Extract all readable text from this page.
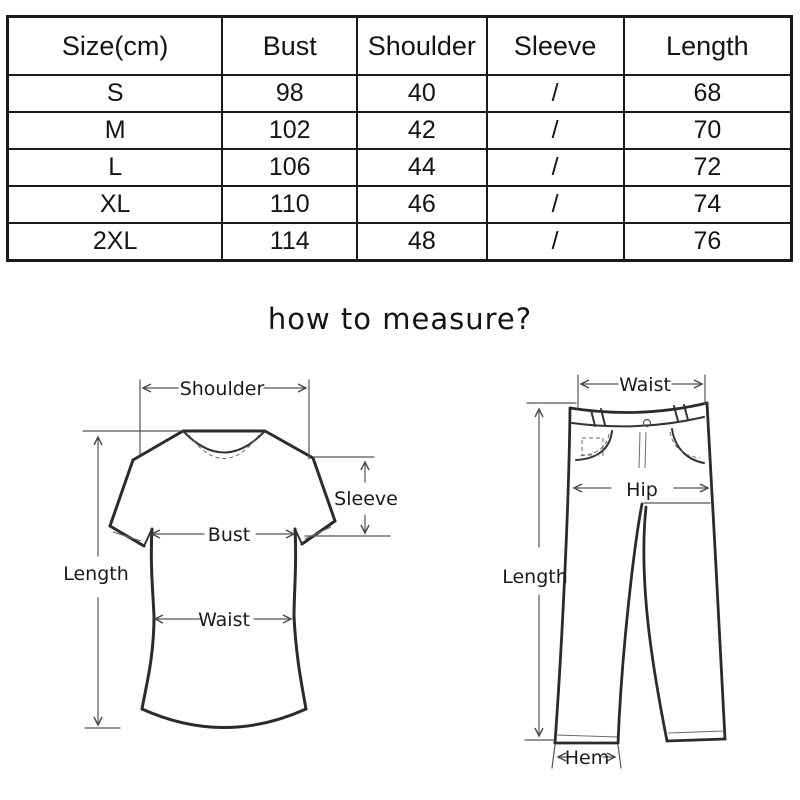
Size(cm)	Bust	Shoulder	Sleeve	Length
S	98	40	/	68
M	102	42	/	70
L	106	44	/	72
XL	110	46	/	74
2XL	114	48	/	76
how to measure?
Shoulder
Length
Sleeve
Bust
Waist
Waist
Hip
Length
Hem
